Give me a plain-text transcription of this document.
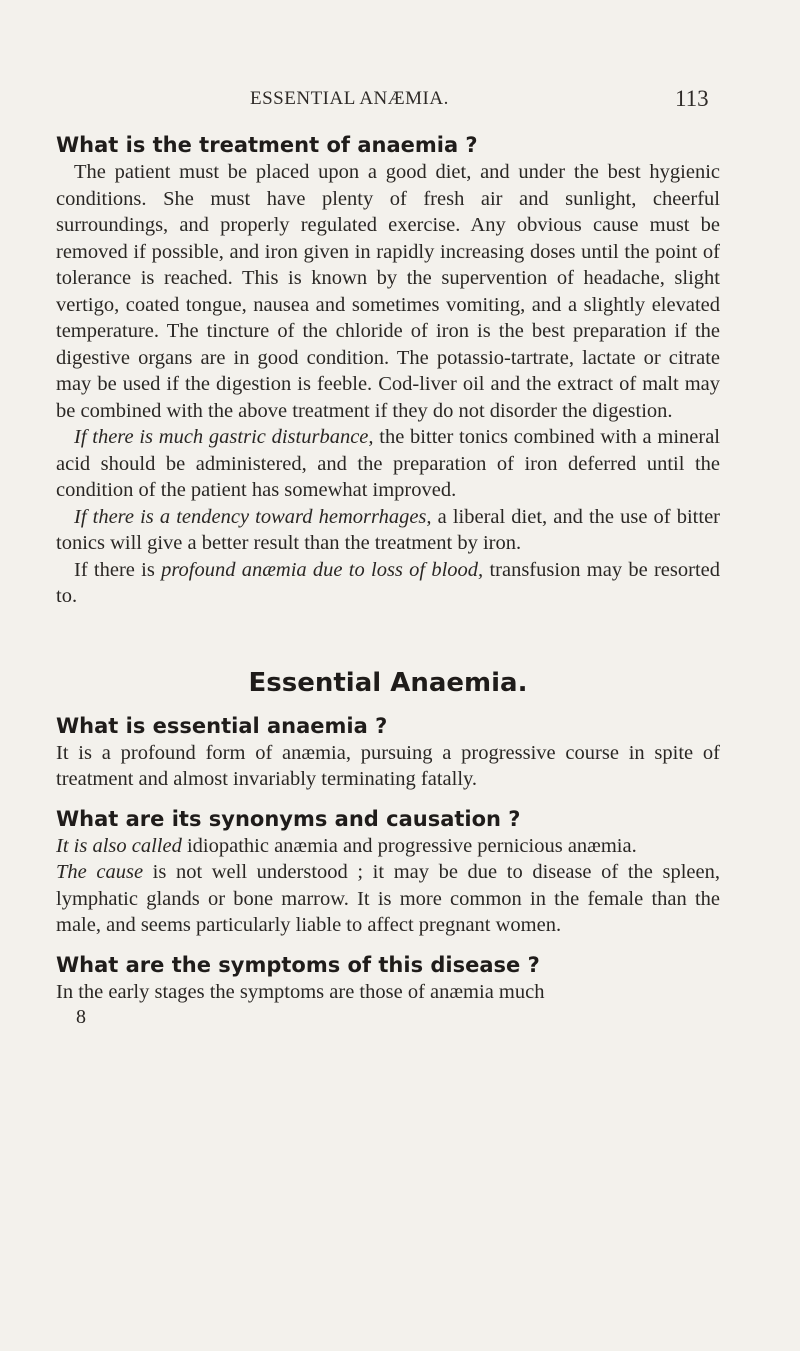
ESSENTIAL ANÆMIA.	113
What is the treatment of anaemia ?

The patient must be placed upon a good diet, and under the best hygienic conditions. She must have plenty of fresh air and sunlight, cheerful surroundings, and properly regulated exercise. Any obvious cause must be removed if possible, and iron given in rapidly increasing doses until the point of tolerance is reached. This is known by the supervention of headache, slight vertigo, coated tongue, nausea and sometimes vomiting, and a slightly elevated temperature. The tincture of the chloride of iron is the best preparation if the digestive organs are in good condition. The potassio-tartrate, lactate or citrate may be used if the digestion is feeble. Cod-liver oil and the extract of malt may be combined with the above treatment if they do not disorder the digestion.

If there is much gastric disturbance, the bitter tonics combined with a mineral acid should be administered, and the preparation of iron deferred until the condition of the patient has somewhat improved.

If there is a tendency toward hemorrhages, a liberal diet, and the use of bitter tonics will give a better result than the treatment by iron.

If there is profound anæmia due to loss of blood, transfusion may be resorted to.

Essential Anaemia.
What is essential anaemia ?

It is a profound form of anæmia, pursuing a progressive course in spite of treatment and almost invariably terminating fatally.

What are its synonyms and causation ?

It is also called idiopathic anæmia and progressive pernicious anæmia.

The cause is not well understood ; it may be due to disease of the spleen, lymphatic glands or bone marrow. It is more common in the female than the male, and seems particularly liable to affect pregnant women.

What are the symptoms of this disease ?

In the early stages the symptoms are those of anæmia much

8
